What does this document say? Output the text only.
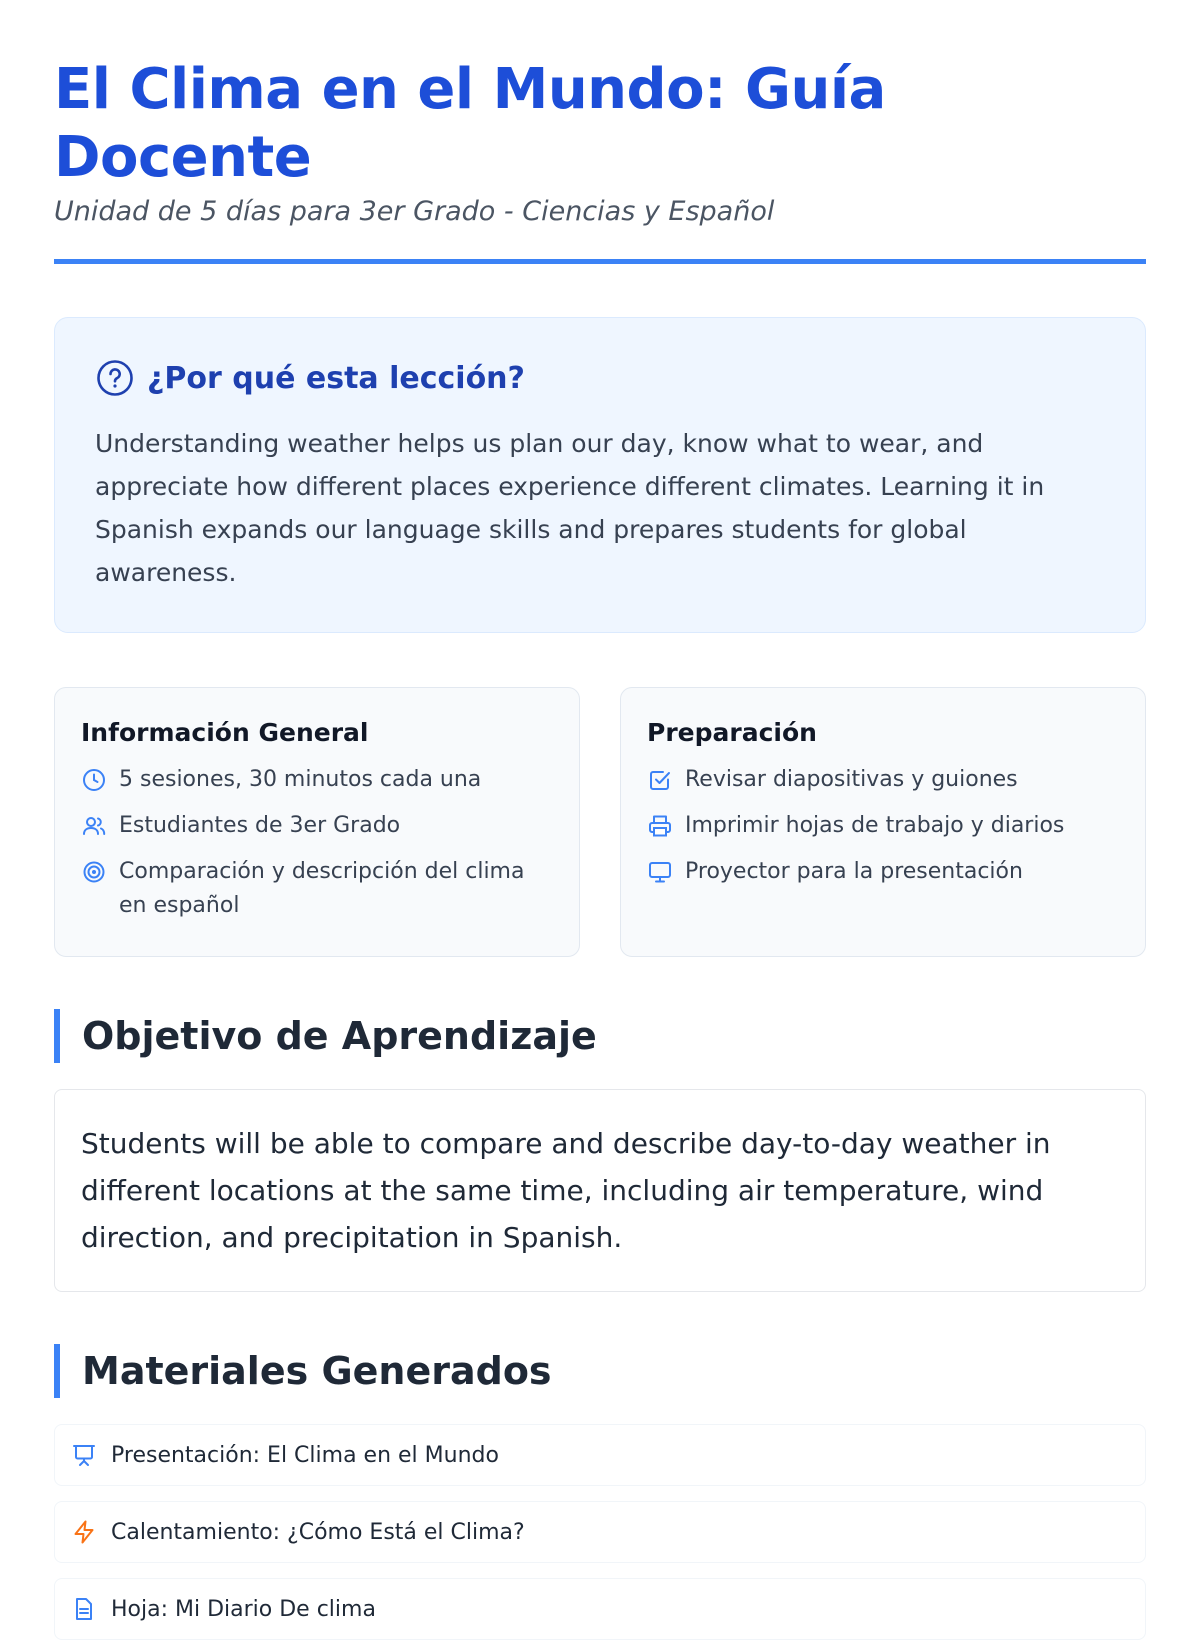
El Clima en el Mundo: Guía Docente
Unidad de 5 días para 3er Grado - Ciencias y Español
¿Por qué esta lección?

Understanding weather helps us plan our day, know what to wear, and appreciate how different places experience different climates. Learning it in Spanish expands our language skills and prepares students for global awareness.

Información General
5 sesiones, 30 minutos cada una
Estudiantes de 3er Grado
Comparación y descripción del clima en español
Preparación
Revisar diapositivas y guiones
Imprimir hojas de trabajo y diarios
Proyector para la presentación
Objetivo de Aprendizaje

Students will be able to compare and describe day-to-day weather in different locations at the same time, including air temperature, wind direction, and precipitation in Spanish.

Materiales Generados
Presentación: El Clima en el Mundo
Calentamiento: ¿Cómo Está el Clima?
Hoja: Mi Diario De clima
